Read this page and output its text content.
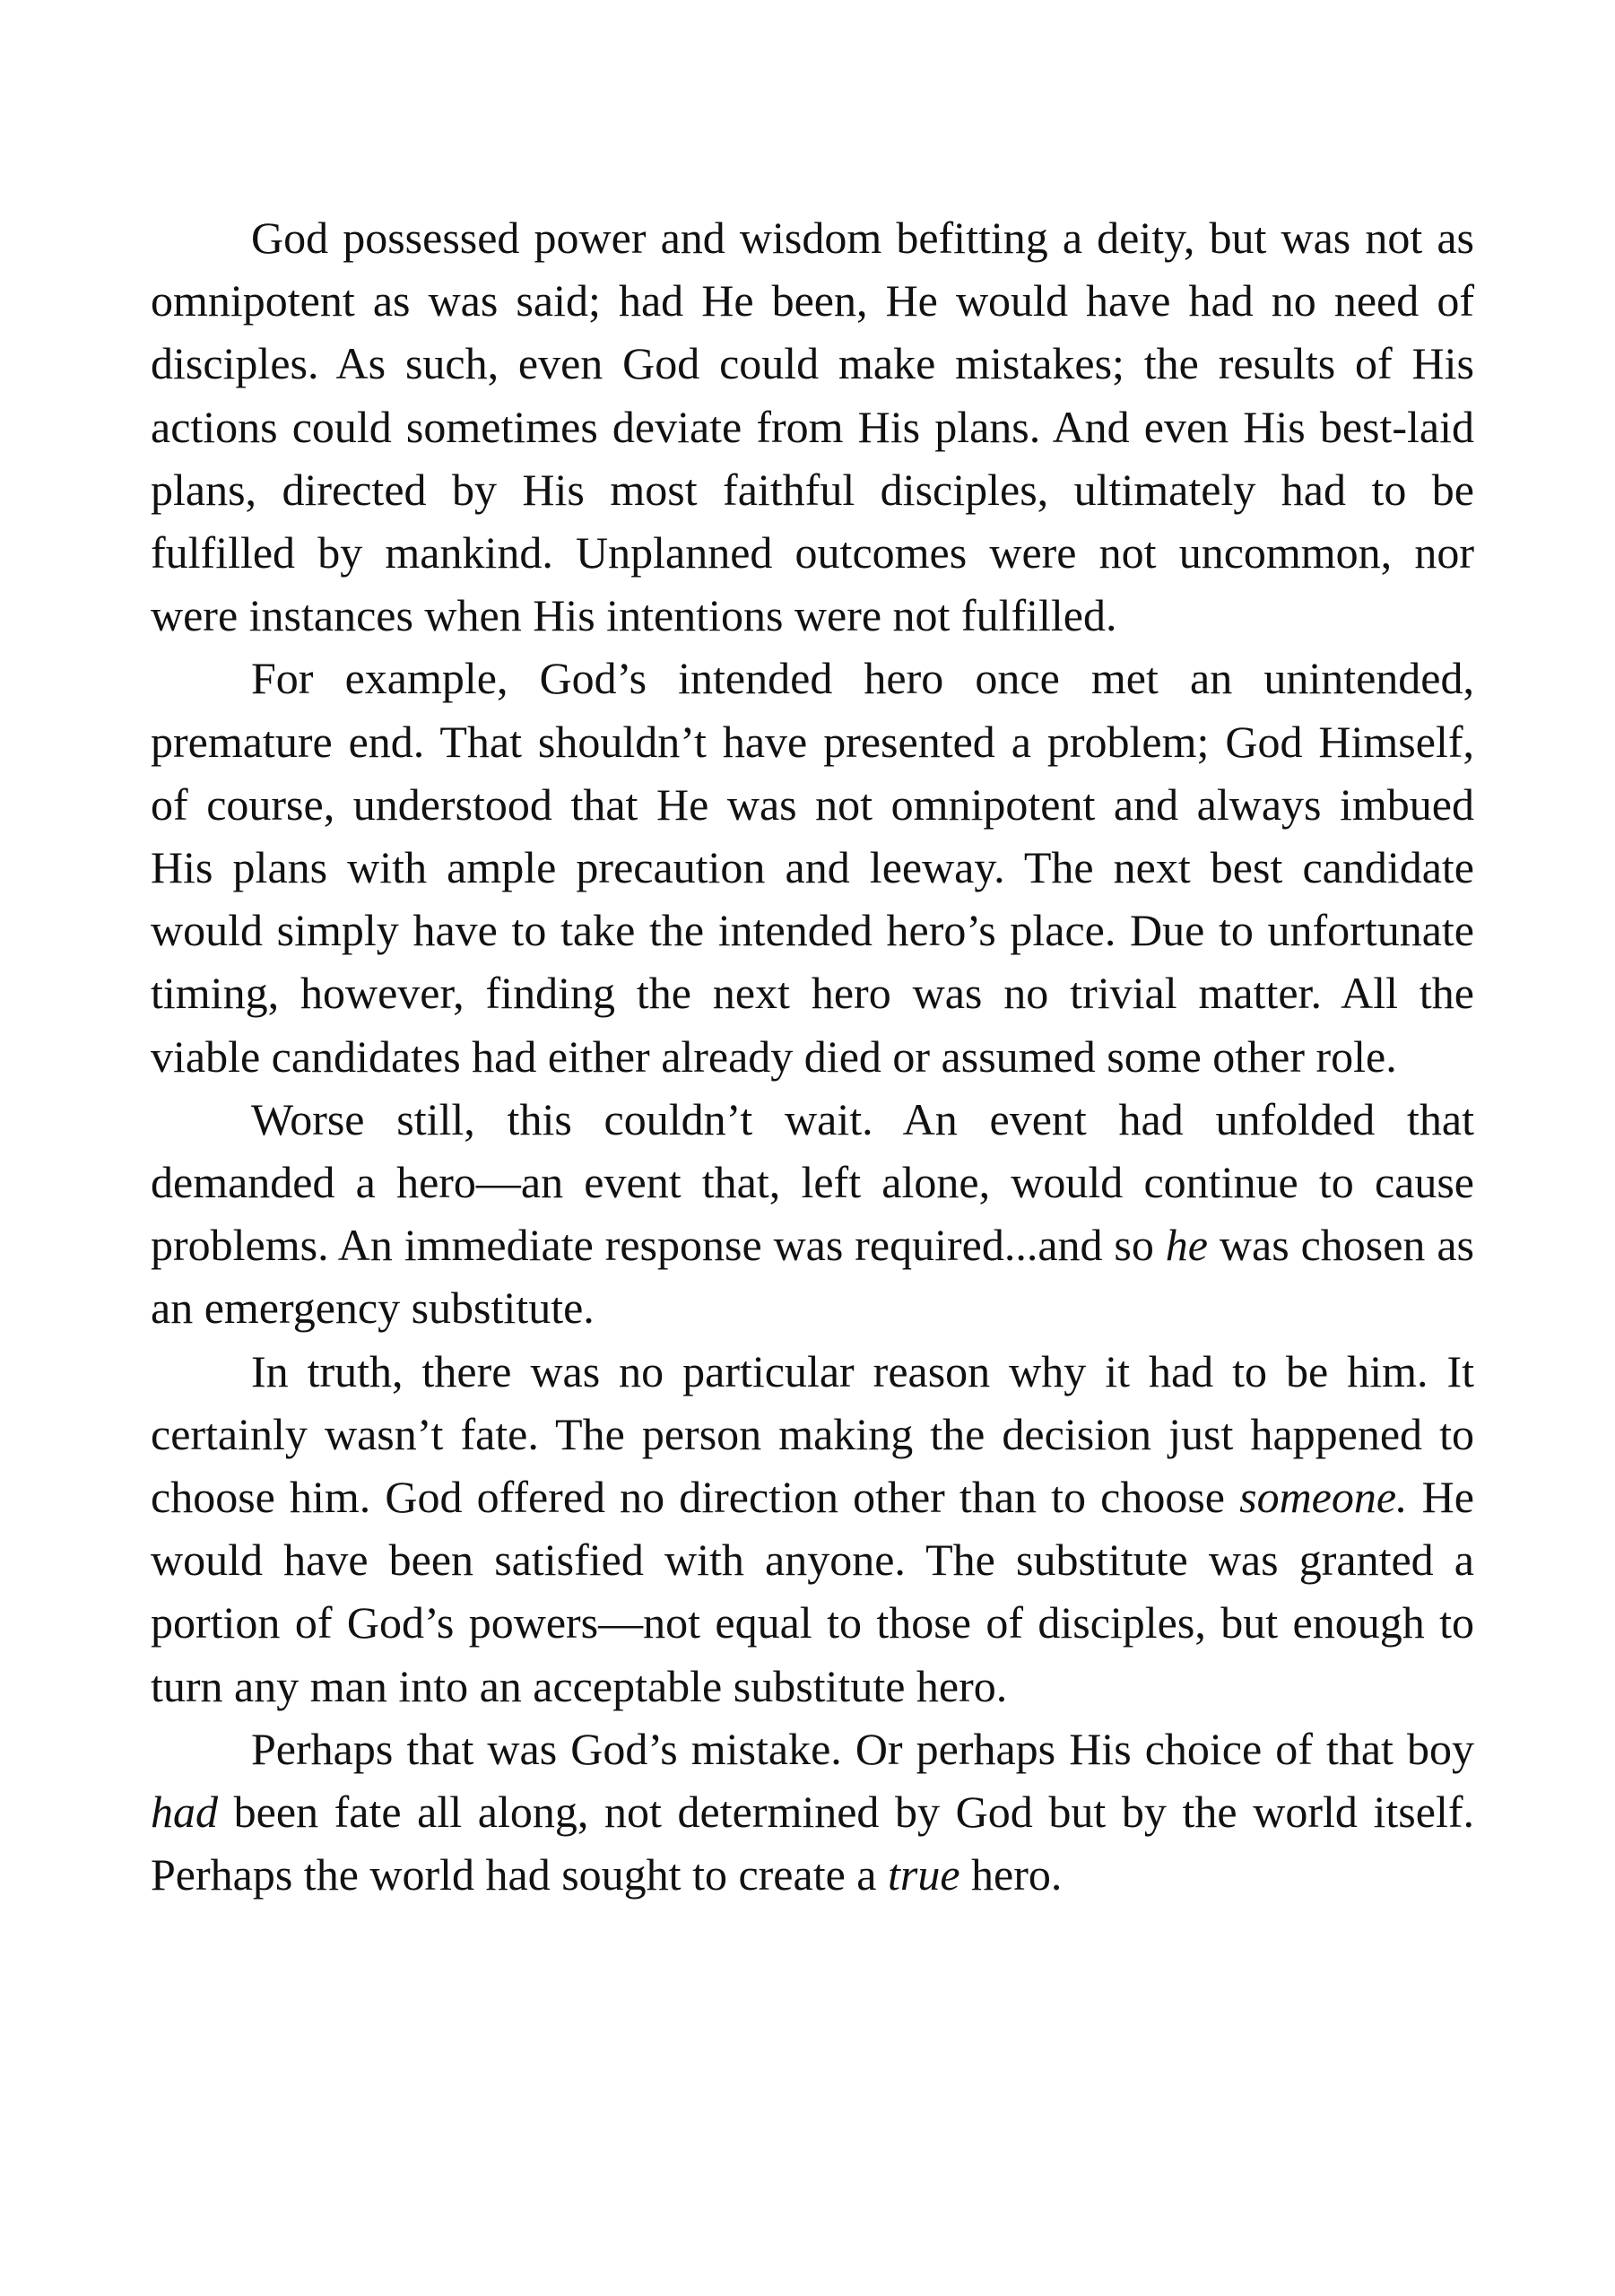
God possessed power and wisdom befitting a deity, but was not as omnipotent as was said; had He been, He would have had no need of disciples. As such, even God could make mistakes; the results of His actions could sometimes deviate from His plans. And even His best-laid plans, directed by His most faithful disciples, ultimately had to be fulfilled by mankind. Unplanned outcomes were not uncommon, nor were instances when His intentions were not fulfilled.

For example, God’s intended hero once met an unintended, premature end. That shouldn’t have presented a problem; God Himself, of course, understood that He was not omnipotent and always imbued His plans with ample precaution and leeway. The next best candidate would simply have to take the intended hero’s place. Due to unfortunate timing, however, finding the next hero was no trivial matter. All the viable candidates had either already died or assumed some other role.

Worse still, this couldn’t wait. An event had unfolded that demanded a hero—an event that, left alone, would continue to cause problems. An immediate response was required...and so he was chosen as an emergency substitute.

In truth, there was no particular reason why it had to be him. It certainly wasn’t fate. The person making the decision just happened to choose him. God offered no direction other than to choose someone. He would have been satisfied with anyone. The substitute was granted a portion of God’s powers—not equal to those of disciples, but enough to turn any man into an acceptable substitute hero.

Perhaps that was God’s mistake. Or perhaps His choice of that boy had been fate all along, not determined by God but by the world itself. Perhaps the world had sought to create a true hero.
